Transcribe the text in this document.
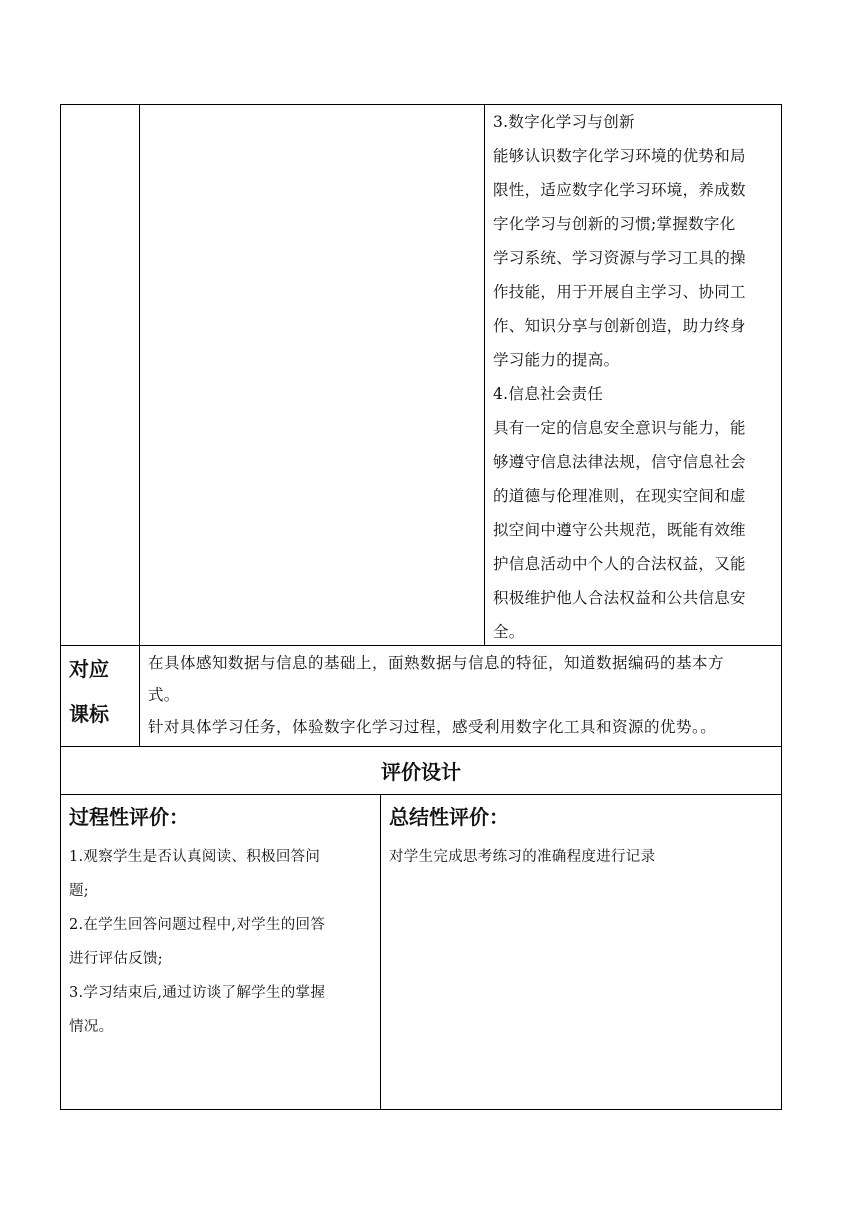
3.数字化学习与创新
能够认识数字化学习环境的优势和局
限性，适应数字化学习环境，养成数
字化学习与创新的习惯;掌握数字化
学习系统、学习资源与学习工具的操
作技能，用于开展自主学习、协同工
作、知识分享与创新创造，助力终身
学习能力的提高。
4.信息社会责任
具有一定的信息安全意识与能力，能
够遵守信息法律法规，信守信息社会
的道德与伦理准则，在现实空间和虚
拟空间中遵守公共规范，既能有效维
护信息活动中个人的合法权益，又能
积极维护他人合法权益和公共信息安
全。
对应
课标
在具体感知数据与信息的基础上，面熟数据与信息的特征，知道数据编码的基本方
式。
针对具体学习任务，体验数字化学习过程，感受利用数字化工具和资源的优势。。
评价设计
过程性评价：
1.观察学生是否认真阅读、积极回答问
题;
2.在学生回答问题过程中,对学生的回答
进行评估反馈;
3.学习结束后,通过访谈了解学生的掌握
情况。
总结性评价：
对学生完成思考练习的准确程度进行记录
